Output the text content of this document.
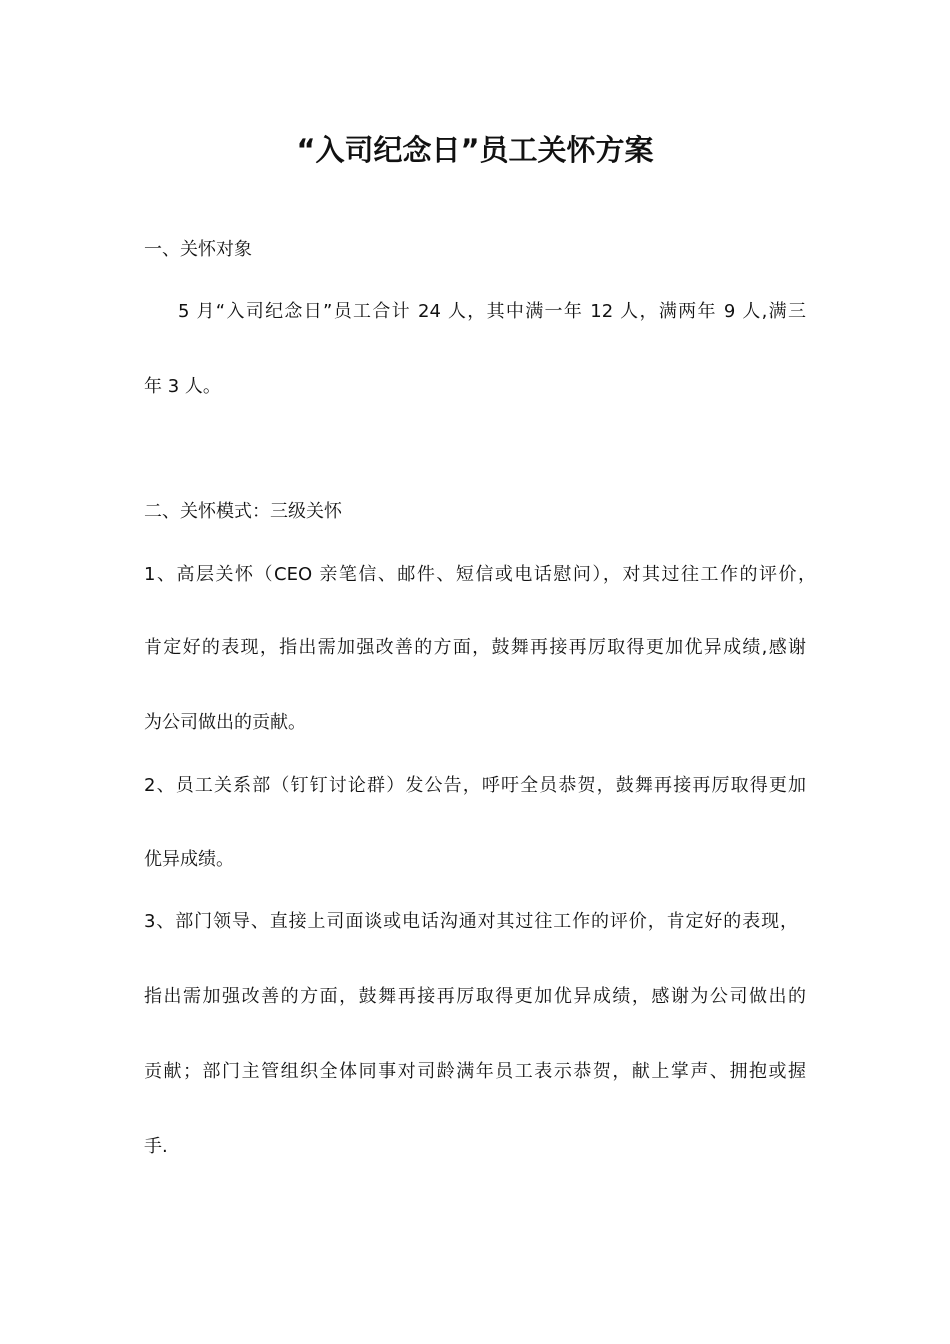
“入司纪念日”员工关怀方案
一、关怀对象
5 月“入司纪念日”员工合计 24 人，其中满一年 12 人，满两年 9 人,满三
年 3 人。
二、关怀模式：三级关怀
1、高层关怀（CEO 亲笔信、邮件、短信或电话慰问），对其过往工作的评价，
肯定好的表现，指出需加强改善的方面，鼓舞再接再厉取得更加优异成绩,感谢
为公司做出的贡献。
2、员工关系部（钉钉讨论群）发公告，呼吁全员恭贺，鼓舞再接再厉取得更加
优异成绩。
3、部门领导、直接上司面谈或电话沟通对其过往工作的评价，肯定好的表现，
指出需加强改善的方面，鼓舞再接再厉取得更加优异成绩，感谢为公司做出的
贡献；部门主管组织全体同事对司龄满年员工表示恭贺，献上掌声、拥抱或握
手.
